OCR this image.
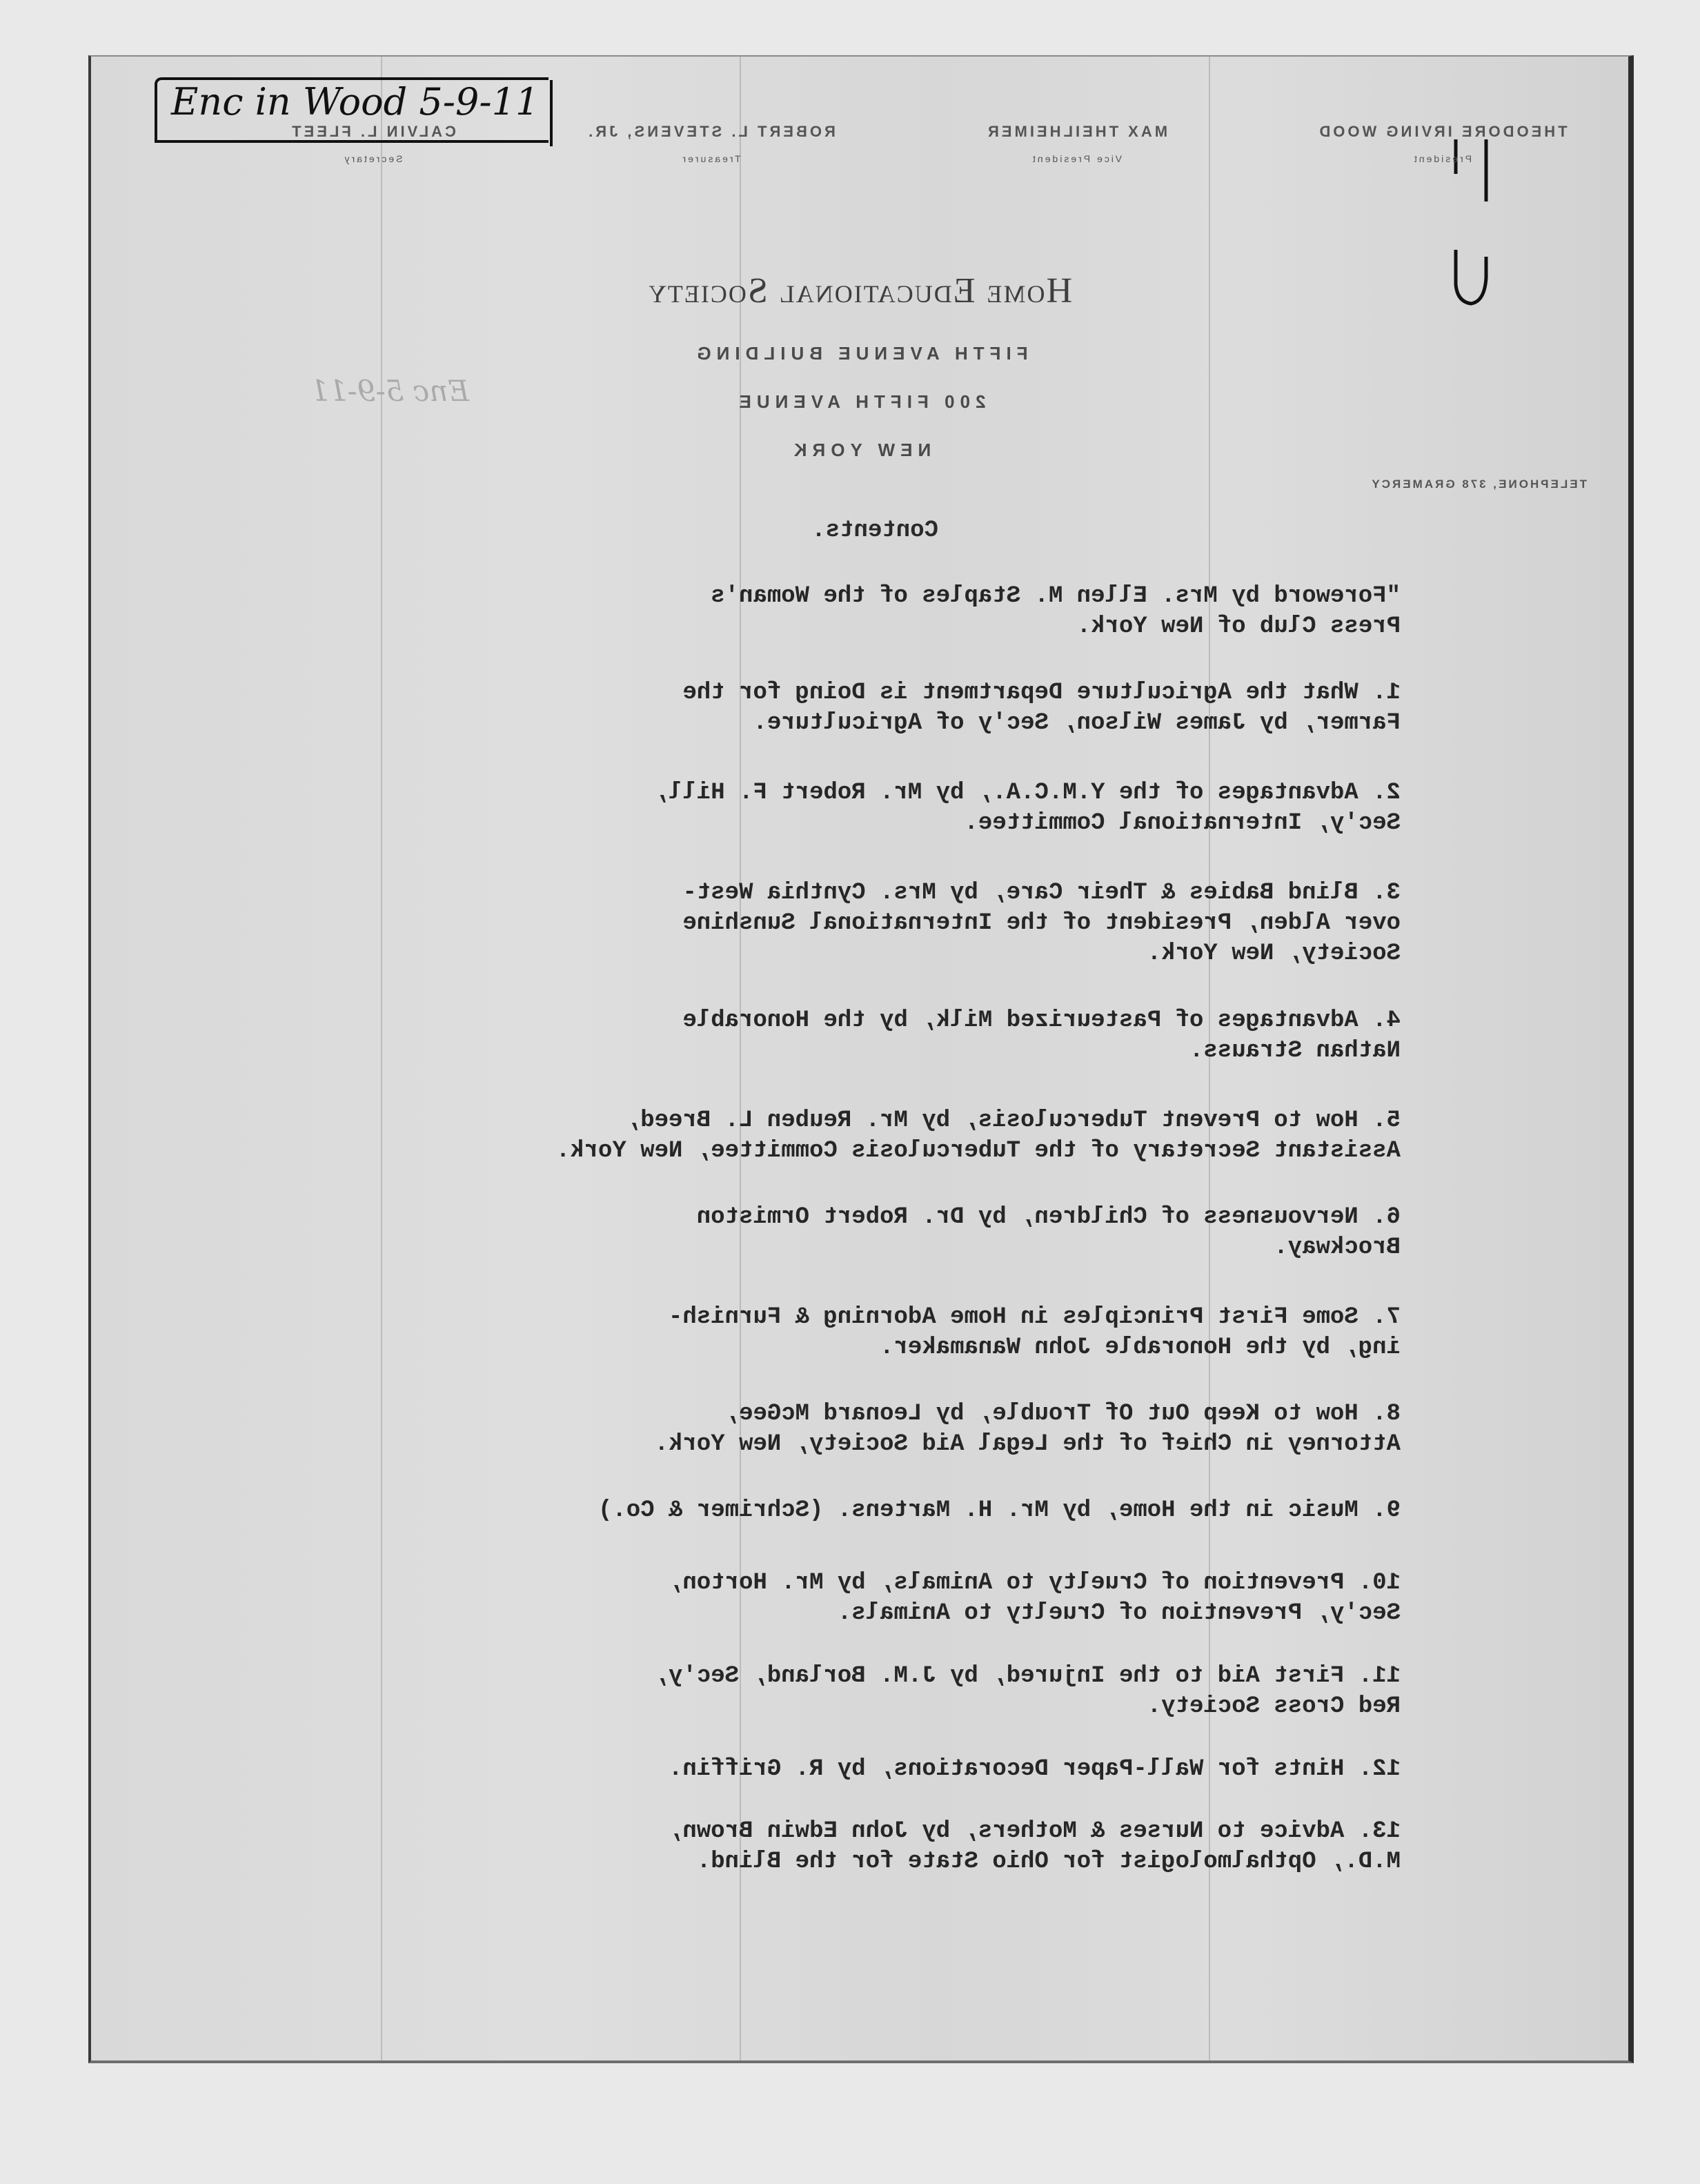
Enc in Wood 5-9-11
THEODORE IRVING WOOD
President
MAX THEILHEIMER
Vice President
ROBERT L. STEVENS, JR.
Treasurer
CALVIN L. FLEET
Secretary
Home Educational Society
FIFTH AVENUE BUILDING
200 FIFTH AVENUE
NEW YORK
TELEPHONE, 378 GRAMERCY
Enc 5-9-11
Contents.
"Foreword by Mrs. Ellen M. Staples of the Woman's
Press Club of New York.
1. What the Agriculture Department is Doing for the
Farmer, by James Wilson, Sec'y of Agriculture.
2. Advantages of the Y.M.C.A., by Mr. Robert F. Hill,
Sec'y, International Committee.
3. Blind Babies & Their Care, by Mrs. Cynthia West-
over Alden, President of the International Sunshine
Society, New York.
4. Advantages of Pasteurized Milk, by the Honorable
Nathan Strauss.
5. How to Prevent Tuberculosis, by Mr. Reuben L. Breed,
Assistant Secretary of the Tuberculosis Committee, New York.
6. Nervousness of Children, by Dr. Robert Ormiston
Brockway.
7. Some First Principles in Home Adorning & Furnish-
ing, by the Honorable John Wanamaker.
8. How to Keep Out Of Trouble, by Leonard McGee,
Attorney in Chief of the Legal Aid Society, New York.
9. Music in the Home, by Mr. H. Martens. (Schrimer & Co.)
10. Prevention of Cruelty to Animals, by Mr. Horton,
Sec'y, Prevention of Cruelty to Animals.
11. First Aid to the Injured, by J.M. Borland, Sec'y,
Red Cross Society.
12. Hints for Wall-Paper Decorations, by R. Griffin.
13. Advice to Nurses & Mothers, by John Edwin Brown,
M.D., Opthalmologist for Ohio State for the Blind.
